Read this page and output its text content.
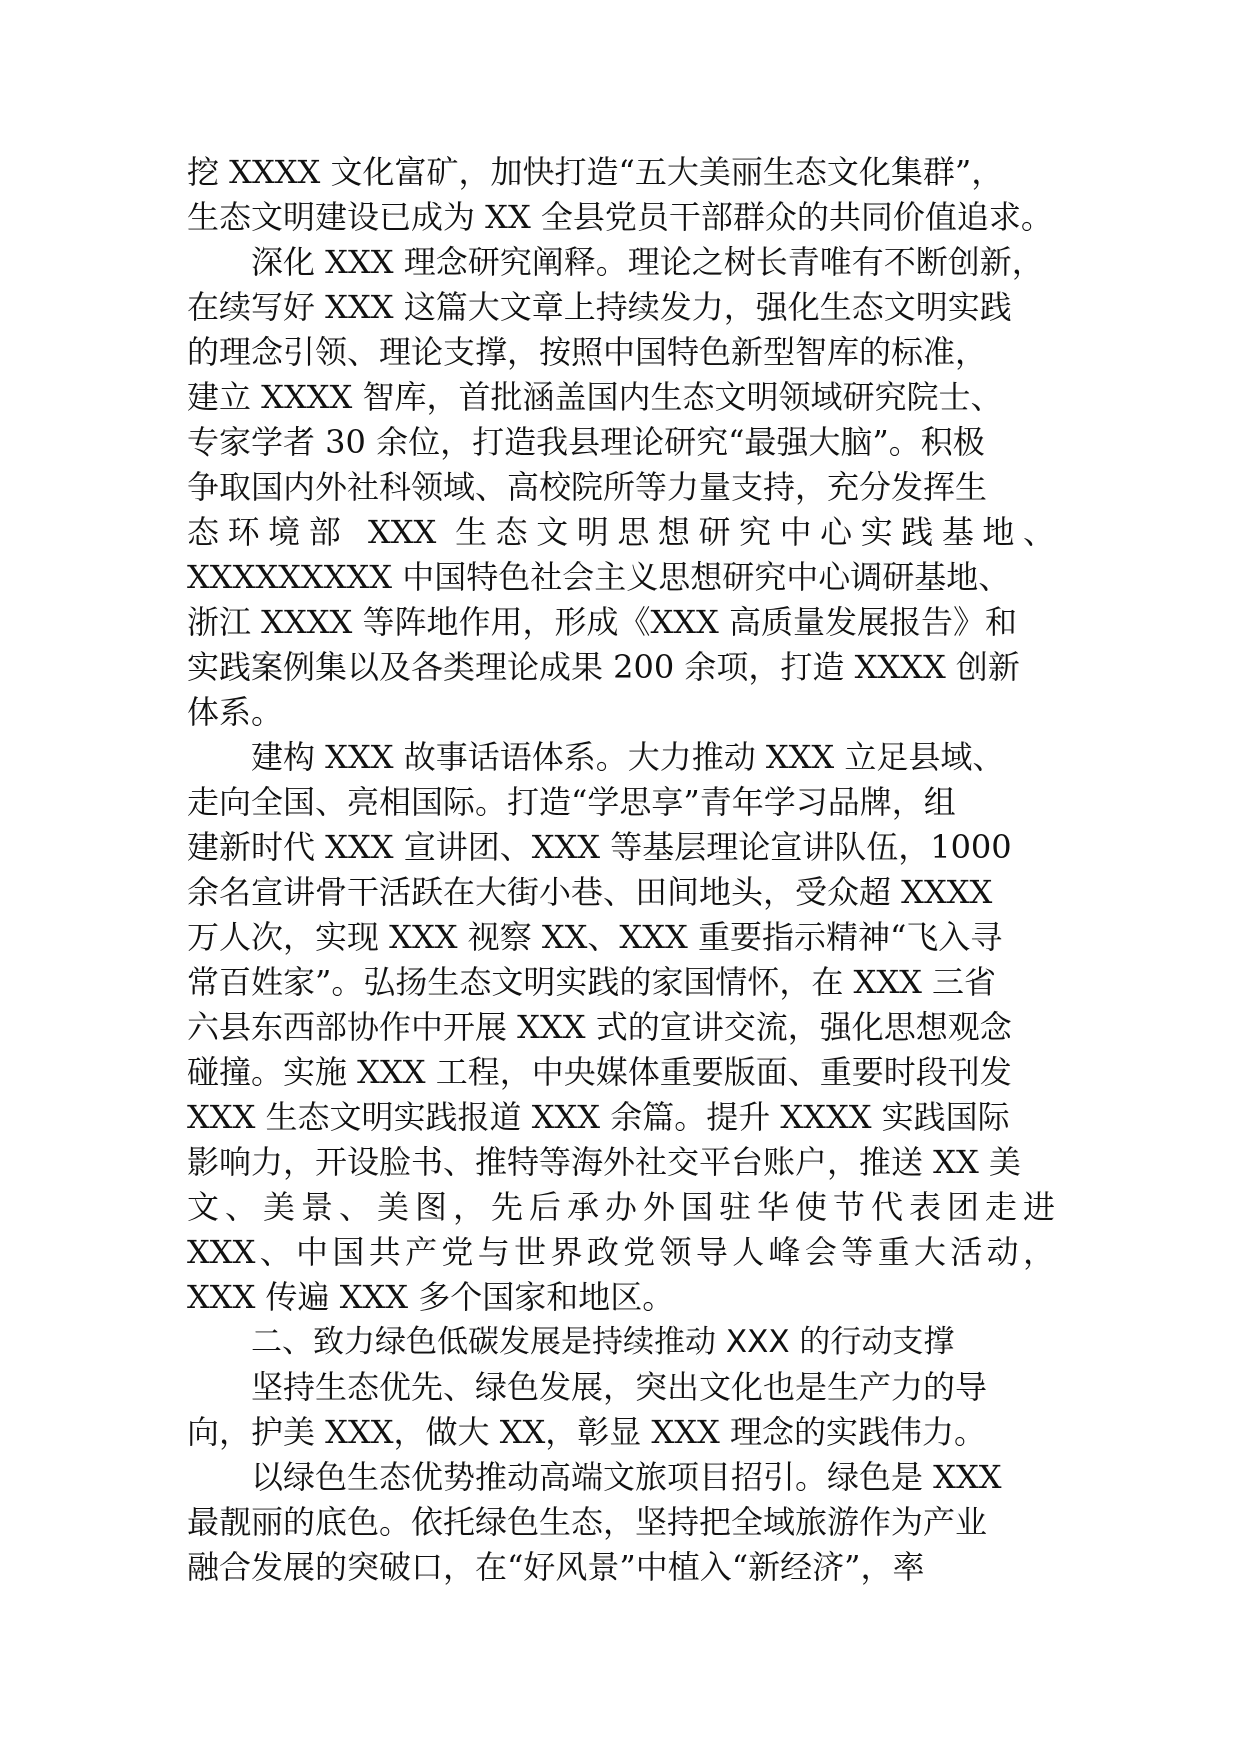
挖 XXXX 文化富矿，加快打造“五大美丽生态文化集群”，
生态文明建设已成为 XX 全县党员干部群众的共同价值追求。
深化 XXX 理念研究阐释。理论之树长青唯有不断创新，
在续写好 XXX 这篇大文章上持续发力，强化生态文明实践
的理念引领、理论支撑，按照中国特色新型智库的标准，
建立 XXXX 智库，首批涵盖国内生态文明领域研究院士、
专家学者 30 余位，打造我县理论研究“最强大脑”。积极
争取国内外社科领域、高校院所等力量支持，充分发挥生
态环境部 XXX 生态文明思想研究中心实践基地、
XXXXXXXXX 中国特色社会主义思想研究中心调研基地、
浙江 XXXX 等阵地作用，形成《XXX 高质量发展报告》和
实践案例集以及各类理论成果 200 余项，打造 XXXX 创新
体系。
建构 XXX 故事话语体系。大力推动 XXX 立足县域、
走向全国、亮相国际。打造“学思享”青年学习品牌，组
建新时代 XXX 宣讲团、XXX 等基层理论宣讲队伍，1000
余名宣讲骨干活跃在大街小巷、田间地头，受众超 XXXX
万人次，实现 XXX 视察 XX、XXX 重要指示精神“飞入寻
常百姓家”。弘扬生态文明实践的家国情怀，在 XXX 三省
六县东西部协作中开展 XXX 式的宣讲交流，强化思想观念
碰撞。实施 XXX 工程，中央媒体重要版面、重要时段刊发
XXX 生态文明实践报道 XXX 余篇。提升 XXXX 实践国际
影响力，开设脸书、推特等海外社交平台账户，推送 XX 美
文、美景、美图，先后承办外国驻华使节代表团走进
XXX、中国共产党与世界政党领导人峰会等重大活动，
XXX 传遍 XXX 多个国家和地区。
二、致力绿色低碳发展是持续推动 XXX 的行动支撑
坚持生态优先、绿色发展，突出文化也是生产力的导
向，护美 XXX，做大 XX，彰显 XXX 理念的实践伟力。
以绿色生态优势推动高端文旅项目招引。绿色是 XXX
最靓丽的底色。依托绿色生态，坚持把全域旅游作为产业
融合发展的突破口，在“好风景”中植入“新经济”，率
